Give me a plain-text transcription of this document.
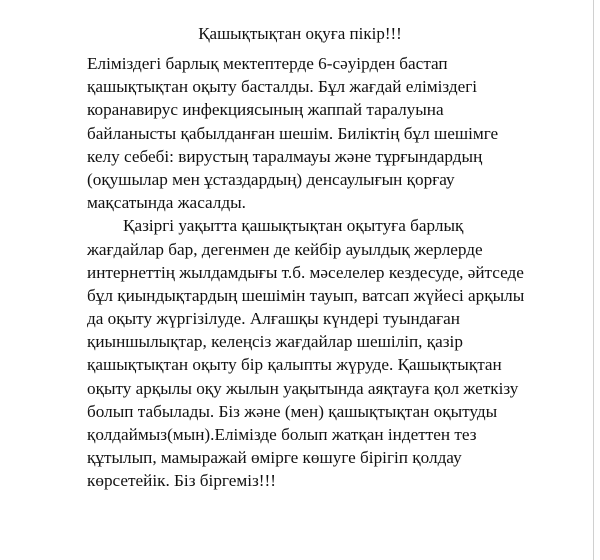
Қашықтықтан оқуға пікір!!!
Еліміздегі барлық мектептерде 6-сәуірден бастап
қашықтықтан оқыту басталды. Бұл жағдай еліміздегі
коранавирус инфекциясының жаппай таралуына
байланысты қабылданған шешім. Биліктің бұл шешімге
келу себебі: вирустың таралмауы және тұрғындардың
(оқушылар мен ұстаздардың) денсаулығын қорғау
мақсатында жасалды.
Қазіргі уақытта қашықтықтан оқытуға барлық
жағдайлар бар, дегенмен де кейбір ауылдық жерлерде
интернеттің жылдамдығы т.б. мәселелер кездесуде, әйтседе
бұл қиындықтардың шешімін тауып, ватсап жүйесі арқылы
да оқыту жүргізілуде. Алғашқы күндері туындаған
қиыншылықтар, келеңсіз жағдайлар шешіліп, қазір
қашықтықтан оқыту бір қалыпты жүруде. Қашықтықтан
оқыту арқылы оқу жылын уақытында аяқтауға қол жеткізу
болып табылады. Біз және (мен) қашықтықтан оқытуды
қолдаймыз(мын).Елімізде болып жатқан індеттен тез
құтылып, мамыражай өмірге көшуге бірігіп қолдау
көрсетейік. Біз біргеміз!!!
